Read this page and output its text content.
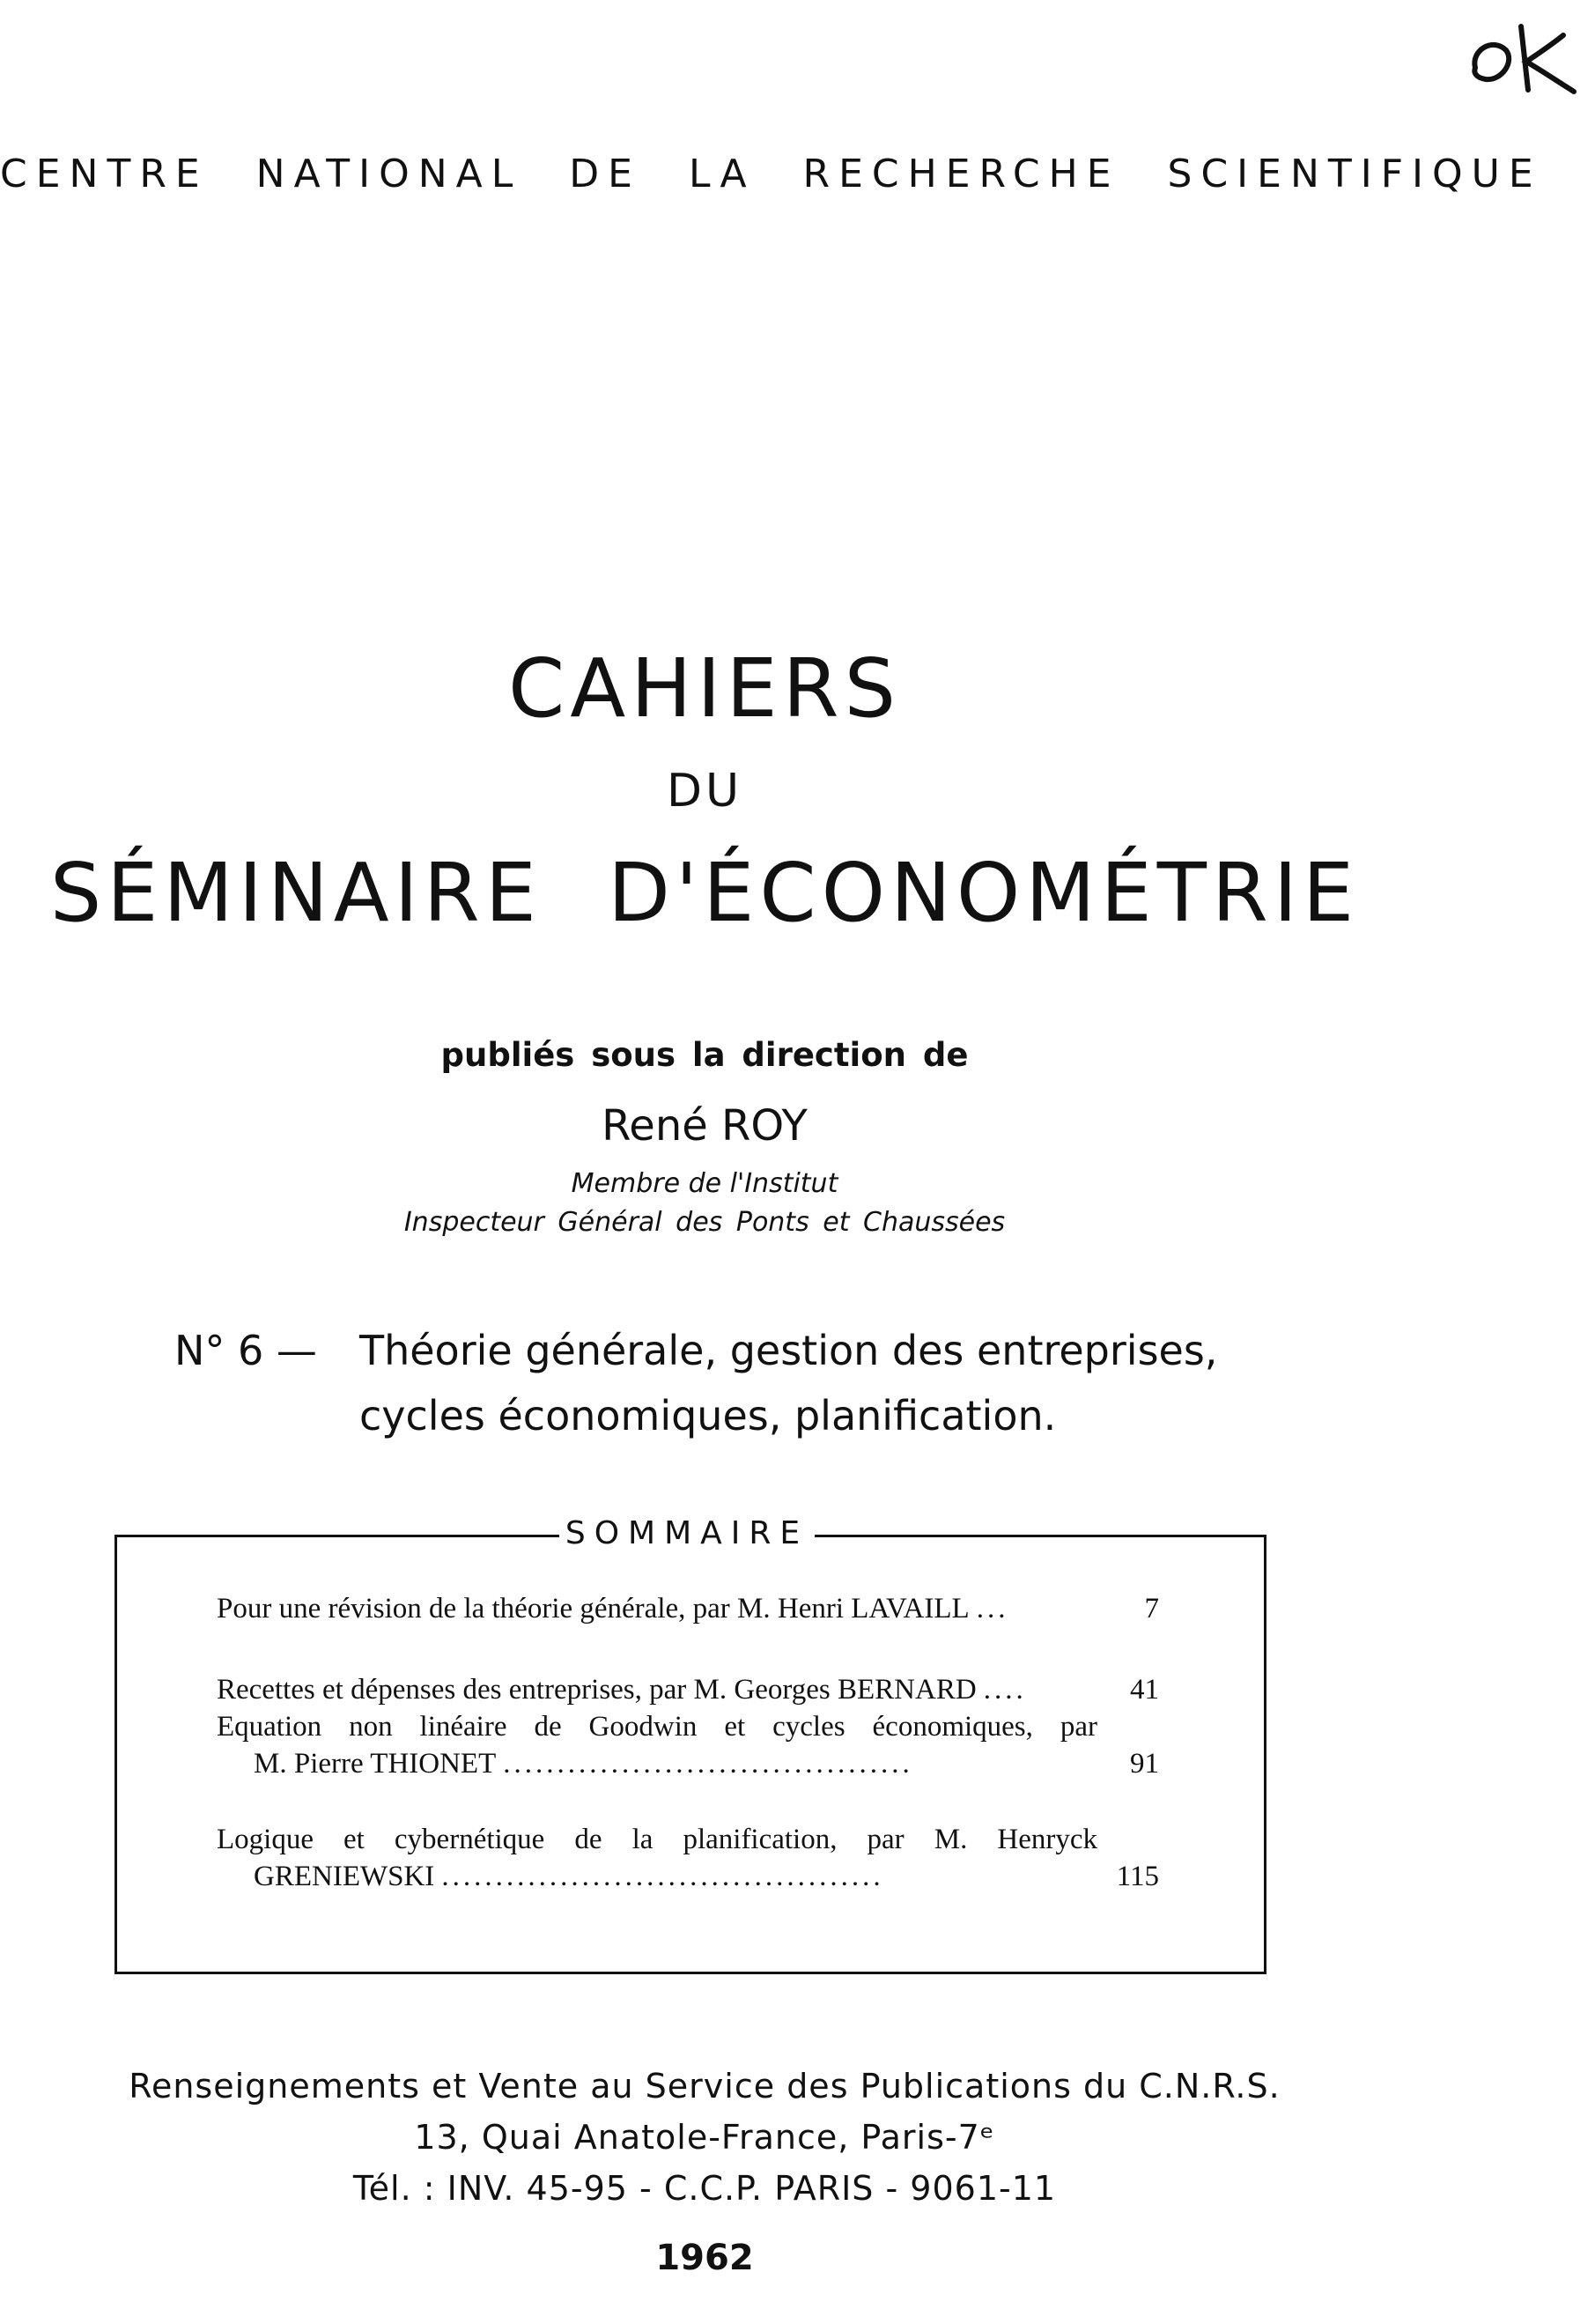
OK
CENTRE NATIONAL DE LA RECHERCHE SCIENTIFIQUE
CAHIERS
DU
SÉMINAIRE D'ÉCONOMÉTRIE
publiés sous la direction de
René ROY
Membre de l'Institut
Inspecteur Général des Ponts et Chaussées
N° 6 — Théorie générale, gestion des entreprises,
cycles économiques, planification.
SOMMAIRE
Pour une révision de la théorie générale, par M. Henri LAVAILL ...	7
Recettes et dépenses des entreprises, par M. Georges BERNARD ....	41
Equation non linéaire de Goodwin et cycles économiques, par
M. Pierre THIONET ......................................	91
Logique et cybernétique de la planification, par M. Henryck
GRENIEWSKI .........................................	115
Renseignements et Vente au Service des Publications du C.N.R.S.
13, Quai Anatole-France, Paris-7ᵉ
Tél. : INV. 45-95 - C.C.P. PARIS - 9061-11
1962
